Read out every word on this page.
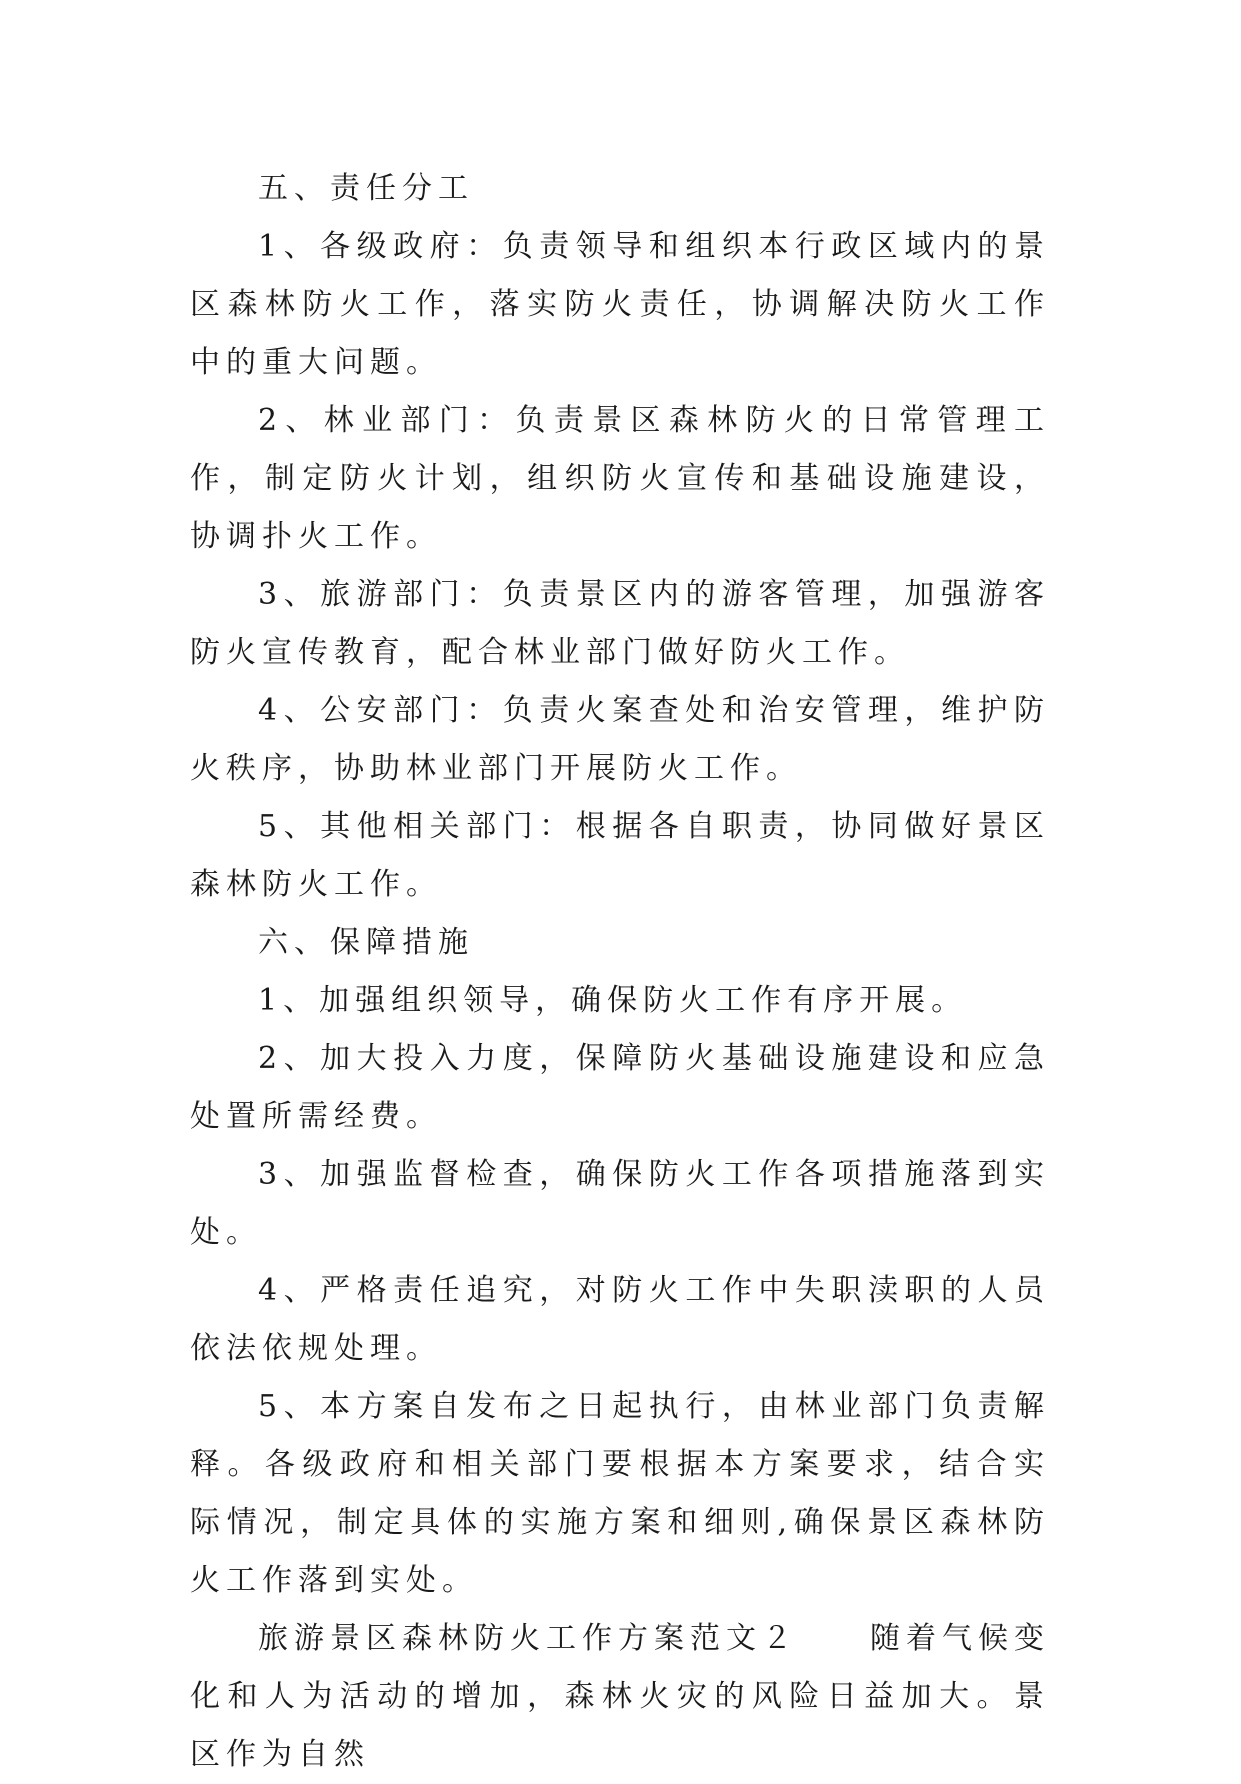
五、责任分工

1、各级政府：负责领导和组织本行政区域内的景区森林防火工作，落实防火责任，协调解决防火工作中的重大问题。

2、林业部门：负责景区森林防火的日常管理工作，制定防火计划，组织防火宣传和基础设施建设，协调扑火工作。

3、旅游部门：负责景区内的游客管理，加强游客防火宣传教育，配合林业部门做好防火工作。

4、公安部门：负责火案查处和治安管理，维护防火秩序，协助林业部门开展防火工作。

5、其他相关部门：根据各自职责，协同做好景区森林防火工作。

六、保障措施

1、加强组织领导，确保防火工作有序开展。

2、加大投入力度，保障防火基础设施建设和应急处置所需经费。

3、加强监督检查，确保防火工作各项措施落到实处。

4、严格责任追究，对防火工作中失职渎职的人员依法依规处理。

5、本方案自发布之日起执行，由林业部门负责解释。各级政府和相关部门要根据本方案要求，结合实际情况，制定具体的实施方案和细则,确保景区森林防火工作落到实处。

旅游景区森林防火工作方案范文２　　随着气候变化和人为活动的增加，森林火灾的风险日益加大。景区作为自然
